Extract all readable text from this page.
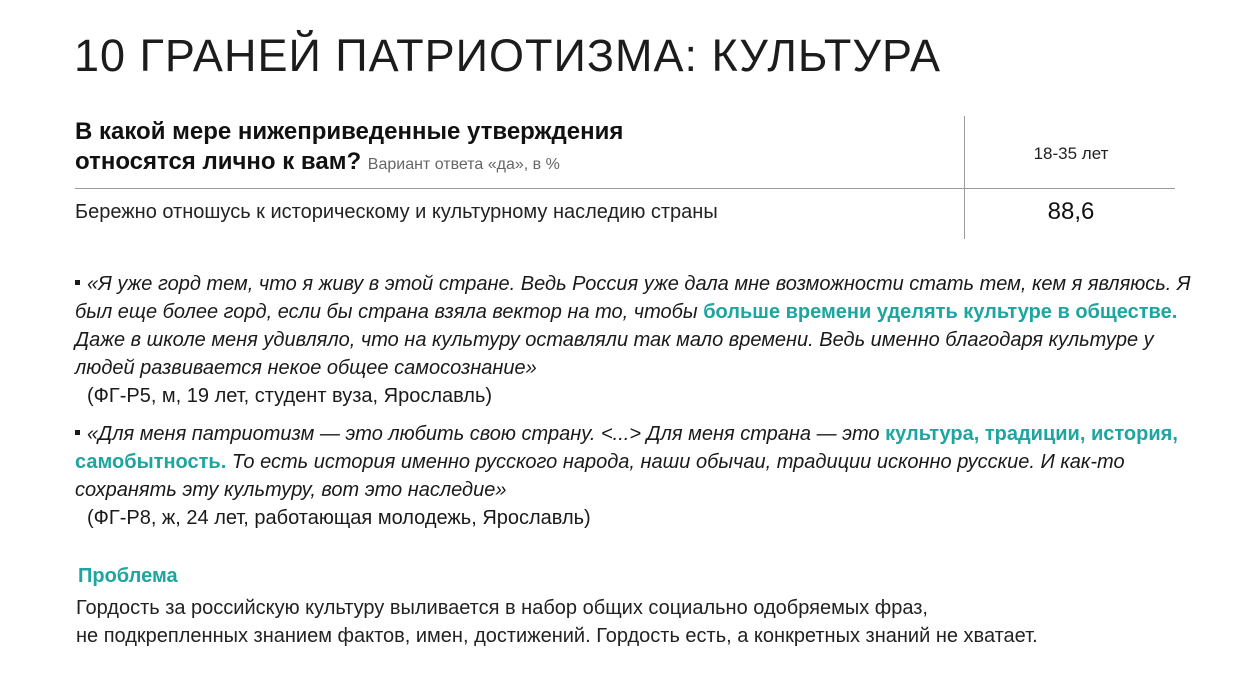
10 ГРАНЕЙ ПАТРИОТИЗМА: КУЛЬТУРА
В какой мере нижеприведенные утверждения
относятся лично к вам? Вариант ответа «да», в %
18-35 лет
Бережно отношусь к историческому и культурному наследию страны	88,6
«Я уже горд тем, что я живу в этой стране. Ведь Россия уже дала мне возможности стать тем, кем я являюсь. Я был еще более горд, если бы страна взяла вектор на то, чтобы больше времени уделять культуре в обществе. Даже в школе меня удивляло, что на культуру оставляли так мало времени. Ведь именно благодаря культуре у людей развивается некое общее самосознание»
(ФГ-Р5, м, 19 лет, студент вуза, Ярославль)
«Для меня патриотизм — это любить свою страну. <...> Для меня страна — это культура, традиции, история, самобытность. То есть история именно русского народа, наши обычаи, традиции исконно русские. И как-то сохранять эту культуру, вот это наследие»
(ФГ-Р8, ж, 24 лет, работающая молодежь, Ярославль)
Проблема
Гордость за российскую культуру выливается в набор общих социально одобряемых фраз,
не подкрепленных знанием фактов, имен, достижений. Гордость есть, а конкретных знаний не хватает.
